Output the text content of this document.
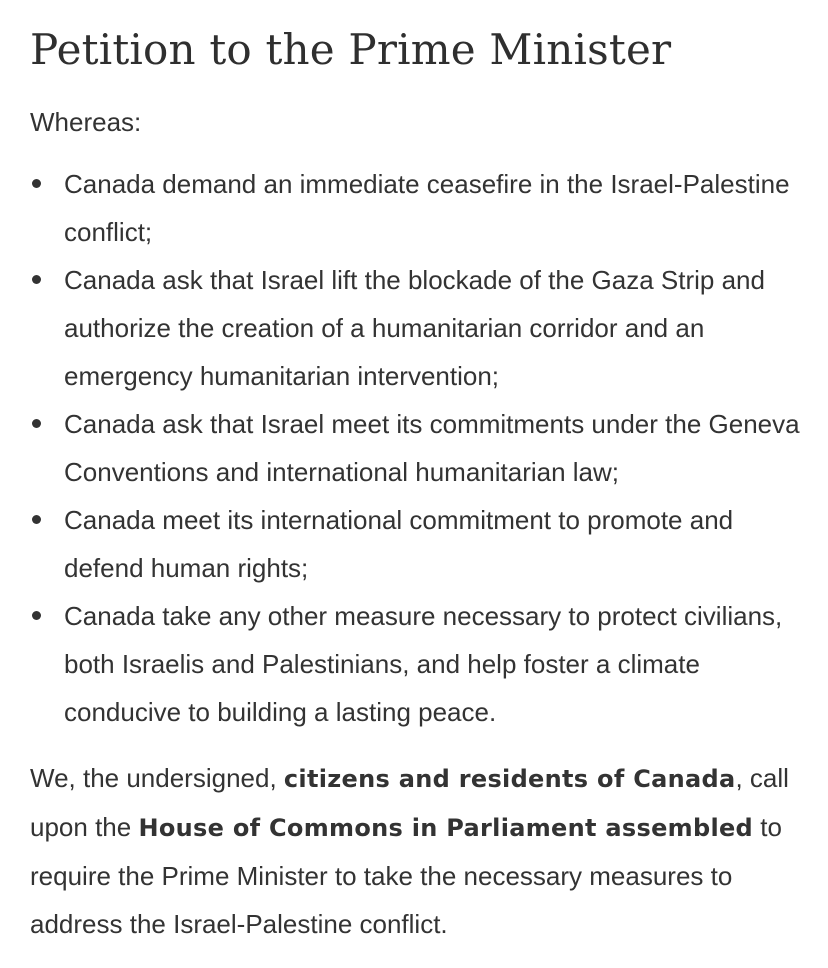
Petition to the Prime Minister

Whereas:

Canada demand an immediate ceasefire in the Israel-Palestine conflict;
Canada ask that Israel lift the blockade of the Gaza Strip and authorize the creation of a humanitarian corridor and an emergency humanitarian intervention;
Canada ask that Israel meet its commitments under the Geneva Conventions and international humanitarian law;
Canada meet its international commitment to promote and defend human rights;
Canada take any other measure necessary to protect civilians, both Israelis and Palestinians, and help foster a climate conducive to building a lasting peace.

We, the undersigned, citizens and residents of Canada, call upon the House of Commons in Parliament assembled to require the Prime Minister to take the necessary measures to address the Israel-Palestine conflict.
